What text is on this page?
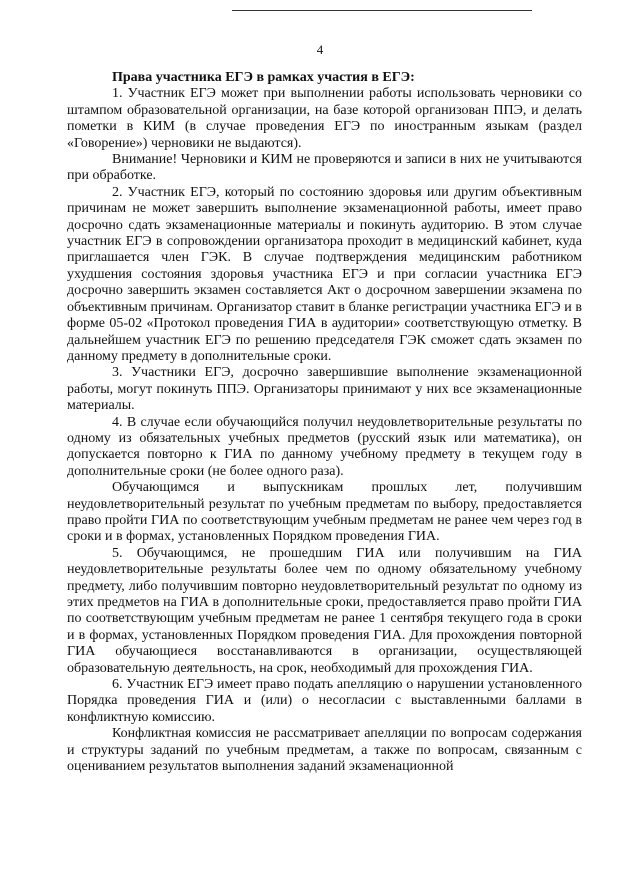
4

Права участника ЕГЭ в рамках участия в ЕГЭ:

1. Участник ЕГЭ может при выполнении работы использовать черновики со штампом образовательной организации, на базе которой организован ППЭ, и делать пометки в КИМ (в случае проведения ЕГЭ по иностранным языкам (раздел «Говорение») черновики не выдаются).

Внимание! Черновики и КИМ не проверяются и записи в них не учитываются при обработке.

2. Участник ЕГЭ, который по состоянию здоровья или другим объективным причинам не может завершить выполнение экзаменационной работы, имеет право досрочно сдать экзаменационные материалы и покинуть аудиторию. В этом случае участник ЕГЭ в сопровождении организатора проходит в медицинский кабинет, куда приглашается член ГЭК. В случае подтверждения медицинским работником ухудшения состояния здоровья участника ЕГЭ и при согласии участника ЕГЭ досрочно завершить экзамен составляется Акт о досрочном завершении экзамена по объективным причинам. Организатор ставит в бланке регистрации участника ЕГЭ и в форме 05-02 «Протокол проведения ГИА в аудитории» соответствующую отметку. В дальнейшем участник ЕГЭ по решению председателя ГЭК сможет сдать экзамен по данному предмету в дополнительные сроки.

3. Участники ЕГЭ, досрочно завершившие выполнение экзаменационной работы, могут покинуть ППЭ. Организаторы принимают у них все экзаменационные материалы.

4. В случае если обучающийся получил неудовлетворительные результаты по одному из обязательных учебных предметов (русский язык или математика), он допускается повторно к ГИА по данному учебному предмету в текущем году в дополнительные сроки (не более одного раза).

Обучающимся и выпускникам прошлых лет, получившим неудовлетворительный результат по учебным предметам по выбору, предоставляется право пройти ГИА по соответствующим учебным предметам не ранее чем через год в сроки и в формах, установленных Порядком проведения ГИА.

5. Обучающимся, не прошедшим ГИА или получившим на ГИА неудовлетворительные результаты более чем по одному обязательному учебному предмету, либо получившим повторно неудовлетворительный результат по одному из этих предметов на ГИА в дополнительные сроки, предоставляется право пройти ГИА по соответствующим учебным предметам не ранее 1 сентября текущего года в сроки и в формах, установленных Порядком проведения ГИА. Для прохождения повторной ГИА обучающиеся восстанавливаются в организации, осуществляющей образовательную деятельность, на срок, необходимый для прохождения ГИА.

6. Участник ЕГЭ имеет право подать апелляцию о нарушении установленного Порядка проведения ГИА и (или) о несогласии с выставленными баллами в конфликтную комиссию.

Конфликтная комиссия не рассматривает апелляции по вопросам содержания и структуры заданий по учебным предметам, а также по вопросам, связанным с оцениванием результатов выполнения заданий экзаменационной
